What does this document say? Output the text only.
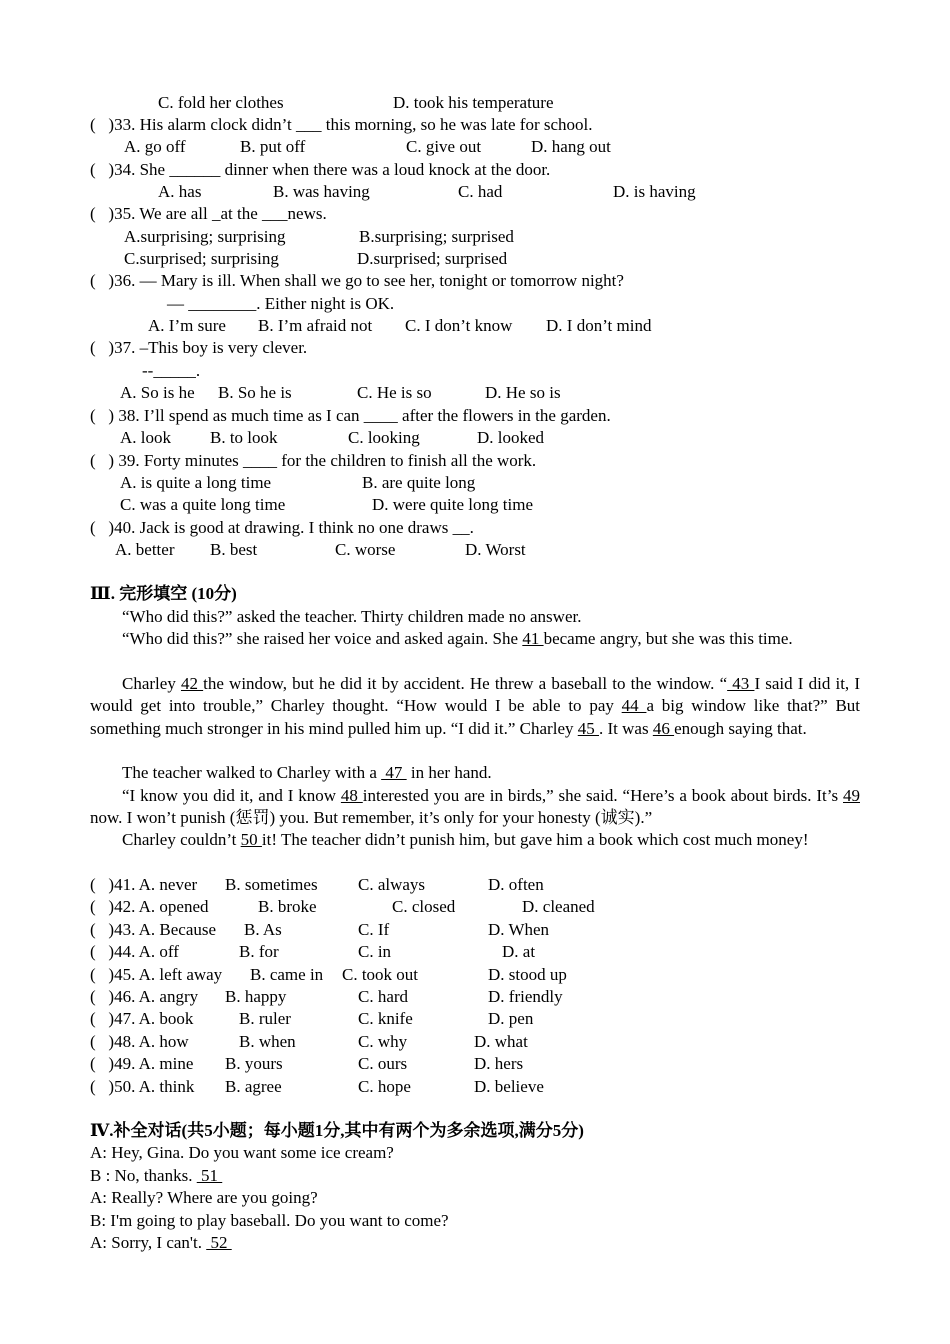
C. fold her clothes	D. took his temperature
(   )33. His alarm clock didn’t ___ this morning, so he was late for school.
A. go off	B. put off	C. give out	D. hang out
(   )34. She ______ dinner when there was a loud knock at the door.
A. has	B. was having	C. had	D. is having
(   )35. We are all _at the ___news.
A.surprising; surprising	B.surprising; surprised
C.surprised; surprising	D.surprised; surprised
(   )36. — Mary is ill. When shall we go to see her, tonight or tomorrow night?
— ________. Either night is OK.
A. I’m sure B. I’m afraid not C. I don’t know D. I don’t mind
(   )37. –This boy is very clever.
--_____.
A. So is he B. So he is	C. He is so	D. He so is
(   ) 38. I’ll spend as much time as I can ____ after the flowers in the garden.
A. look B. to look	C. looking	D. looked
(   ) 39. Forty minutes ____ for the children to finish all the work.
A. is quite a long time	B. are quite long
C. was a quite long time	D. were quite long time
(   )40. Jack is good at drawing. I think no one draws __.
A. better B. best	C. worse	D. Worst
Ⅲ. 完形填空 (10分)
“Who did this?” asked the teacher. Thirty children made no answer.
“Who did this?” she raised her voice and asked again. She 41 became angry, but she was this time.
Charley 42 the window, but he did it by accident. He threw a baseball to the window. “ 43 I said I did it, I would get into trouble,” Charley thought. “How would I be able to pay 44 a big window like that?” But something much stronger in his mind pulled him up. “I did it.” Charley 45 . It was 46 enough saying that.
The teacher walked to Charley with a  47  in her hand.
“I know you did it, and I know 48 interested you are in birds,” she said. “Here’s a book about birds. It’s 49 now. I won’t punish (惩罚) you. But remember, it’s only for your honesty (诚实).”
Charley couldn’t 50 it! The teacher didn’t punish him, but gave him a book which cost much money!
(   )41. A. never B. sometimes C. always	D. often
(   )42. A. opened	B. broke	C. closed	D. cleaned
(   )43. A. Because B. As	C. If	D. When
(   )44. A. off	B. for	C. in	D. at
(   )45. A. left away B. came in C. took out	D. stood up
(   )46. A. angry B. happy	C. hard	D. friendly
(   )47. A. book	B. ruler	C. knife	D. pen
(   )48. A. how	B. when	C. why	D. what
(   )49. A. mine B. yours	C. ours	D. hers
(   )50. A. think B. agree	C. hope	D. believe
Ⅳ.补全对话(共5小题；每小题1分,其中有两个为多余选项,满分5分)
A: Hey, Gina. Do you want some ice cream?
B : No, thanks.  51
A: Really? Where are you going?
B: I'm going to play baseball. Do you want to come?
A: Sorry, I can't.  52
